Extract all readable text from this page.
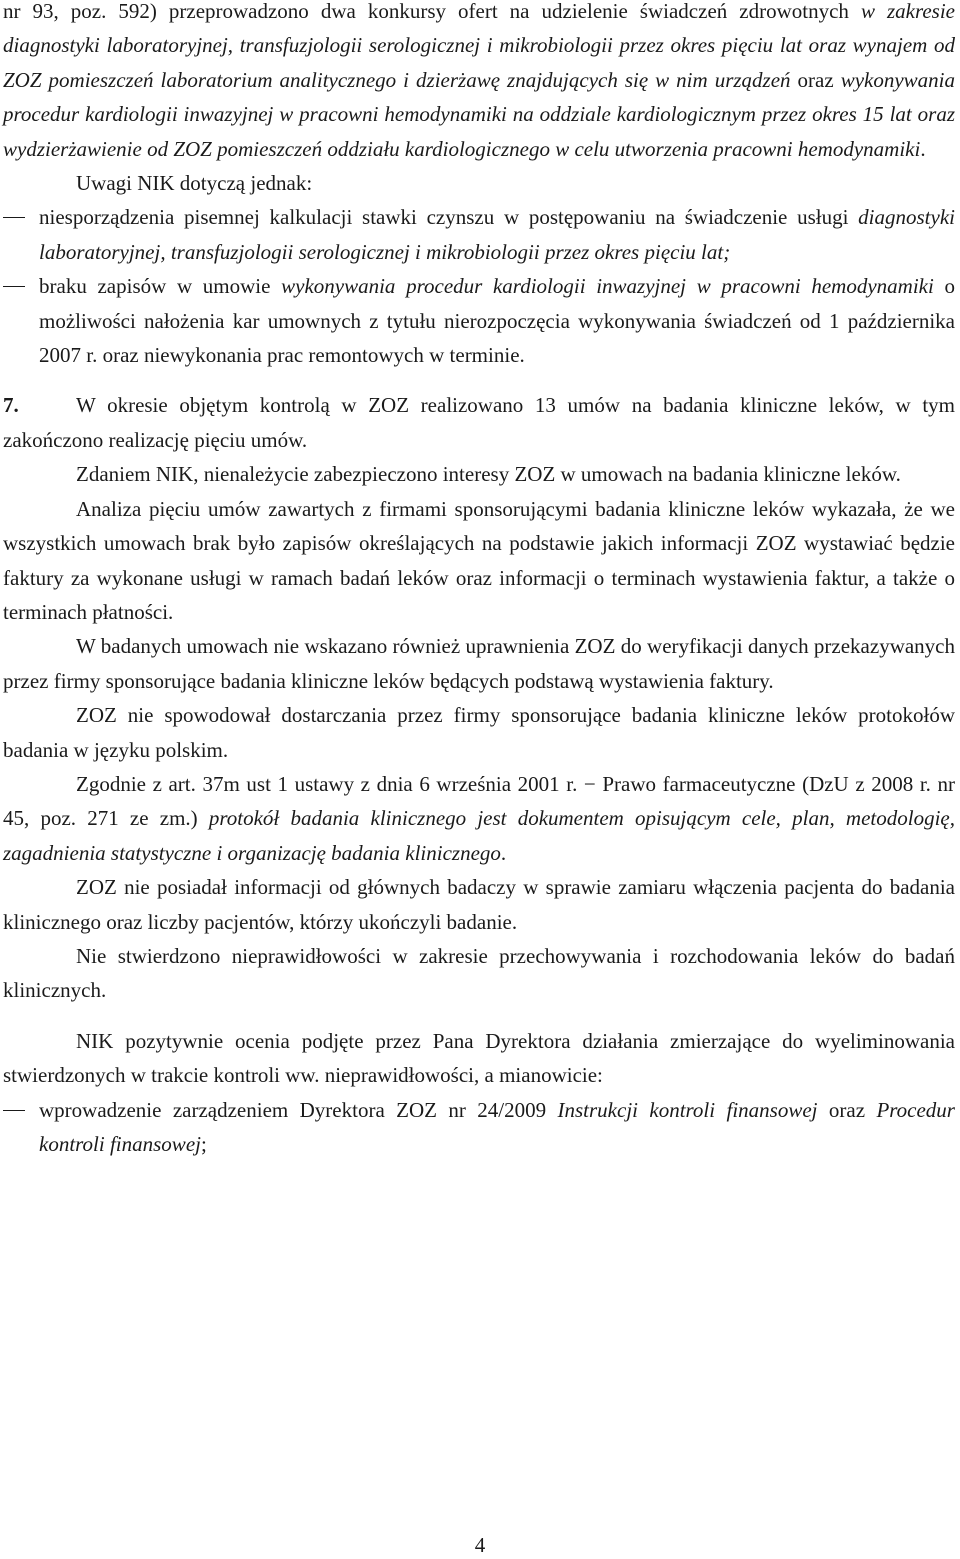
nr 93, poz. 592) przeprowadzono dwa konkursy ofert na udzielenie świadczeń zdrowotnych w zakresie diagnostyki laboratoryjnej, transfuzjologii serologicznej i mikrobiologii przez okres pięciu lat oraz wynajem od ZOZ pomieszczeń laboratorium analitycznego i dzierżawę znajdujących się w nim urządzeń oraz wykonywania procedur kardiologii inwazyjnej w pracowni hemodynamiki na oddziale kardiologicznym przez okres 15 lat oraz wydzierżawienie od ZOZ pomieszczeń oddziału kardiologicznego w celu utworzenia pracowni hemodynamiki.

Uwagi NIK dotyczą jednak:

niesporządzenia pisemnej kalkulacji stawki czynszu w postępowaniu na świadczenie usługi diagnostyki laboratoryjnej, transfuzjologii serologicznej i mikrobiologii przez okres pięciu lat;
braku zapisów w umowie wykonywania procedur kardiologii inwazyjnej w pracowni hemodynamiki o możliwości nałożenia kar umownych z tytułu nierozpoczęcia wykonywania świadczeń od 1 października 2007 r. oraz niewykonania prac remontowych w terminie.

7.	W okresie objętym kontrolą w ZOZ realizowano 13 umów na badania kliniczne leków, w tym zakończono realizację pięciu umów.

Zdaniem NIK, nienależycie zabezpieczono interesy ZOZ w umowach na badania kliniczne leków.

Analiza pięciu umów zawartych z firmami sponsorującymi badania kliniczne leków wykazała, że we wszystkich umowach brak było zapisów określających na podstawie jakich informacji ZOZ wystawiać będzie faktury za wykonane usługi w ramach badań leków oraz informacji o terminach wystawienia faktur, a także o terminach płatności.

W badanych umowach nie wskazano również uprawnienia ZOZ do weryfikacji danych przekazywanych przez firmy sponsorujące badania kliniczne leków będących podstawą wystawienia faktury.

ZOZ nie spowodował dostarczania przez firmy sponsorujące badania kliniczne leków protokołów badania w języku polskim.

Zgodnie z art. 37m ust 1 ustawy z dnia 6 września 2001 r. − Prawo farmaceutyczne (DzU z 2008 r. nr 45, poz. 271 ze zm.) protokół badania klinicznego jest dokumentem opisującym cele, plan, metodologię, zagadnienia statystyczne i organizację badania klinicznego.

ZOZ nie posiadał informacji od głównych badaczy w sprawie zamiaru włączenia pacjenta do badania klinicznego oraz liczby pacjentów, którzy ukończyli badanie.

Nie stwierdzono nieprawidłowości w zakresie przechowywania i rozchodowania leków do badań klinicznych.

NIK pozytywnie ocenia podjęte przez Pana Dyrektora działania zmierzające do wyeliminowania stwierdzonych w trakcie kontroli ww. nieprawidłowości, a mianowicie:

wprowadzenie zarządzeniem Dyrektora ZOZ nr 24/2009 Instrukcji kontroli finansowej oraz Procedur kontroli finansowej;
4
